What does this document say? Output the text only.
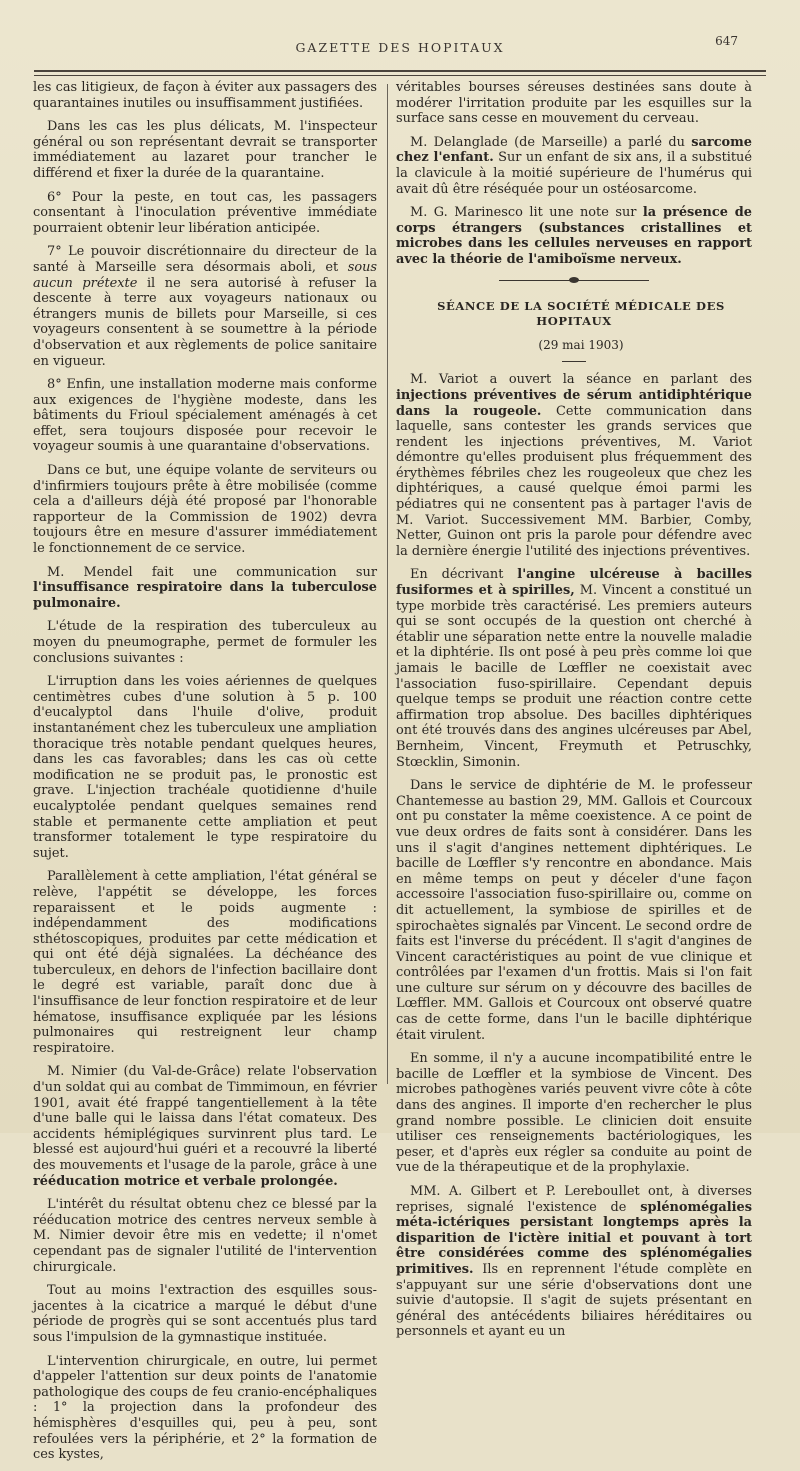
GAZETTE DES HOPITAUX	647

les cas litigieux, de façon à éviter aux passagers des quarantaines inutiles ou insuffisamment justifiées.

Dans les cas les plus délicats, M. l'inspecteur général ou son représentant devrait se transporter immédiatement au lazaret pour trancher le différend et fixer la durée de la quarantaine.

6° Pour la peste, en tout cas, les passagers consentant à l'inoculation préventive immédiate pourraient obtenir leur libération anticipée.

7° Le pouvoir discrétionnaire du directeur de la santé à Marseille sera désormais aboli, et sous aucun prétexte il ne sera autorisé à refuser la descente à terre aux voyageurs nationaux ou étrangers munis de billets pour Marseille, si ces voyageurs consentent à se soumettre à la période d'observation et aux règlements de police sanitaire en vigueur.

8° Enfin, une installation moderne mais conforme aux exigences de l'hygiène modeste, dans les bâtiments du Frioul spécialement aménagés à cet effet, sera toujours disposée pour recevoir le voyageur soumis à une quarantaine d'observations.

Dans ce but, une équipe volante de serviteurs ou d'infirmiers toujours prête à être mobilisée (comme cela a d'ailleurs déjà été proposé par l'honorable rapporteur de la Commission de 1902) devra toujours être en mesure d'assurer immédiatement le fonctionnement de ce service.

M. Mendel fait une communication sur l'insuffisance respiratoire dans la tuberculose pulmonaire.

L'étude de la respiration des tuberculeux au moyen du pneumographe, permet de formuler les conclusions suivantes :

L'irruption dans les voies aériennes de quelques centimètres cubes d'une solution à 5 p. 100 d'eucalyptol dans l'huile d'olive, produit instantanément chez les tuberculeux une ampliation thoracique très notable pendant quelques heures, dans les cas favorables; dans les cas où cette modification ne se produit pas, le pronostic est grave. L'injection trachéale quotidienne d'huile eucalyptolée pendant quelques semaines rend stable et permanente cette ampliation et peut transformer totalement le type respiratoire du sujet.

Parallèlement à cette ampliation, l'état général se relève, l'appétit se développe, les forces reparaissent et le poids augmente : indépendamment des modifications sthétoscopiques, produites par cette médication et qui ont été déjà signalées. La déchéance des tuberculeux, en dehors de l'infection bacillaire dont le degré est variable, paraît donc due à l'insuffisance de leur fonction respiratoire et de leur hématose, insuffisance expliquée par les lésions pulmonaires qui restreignent leur champ respiratoire.

M. Nimier (du Val-de-Grâce) relate l'observation d'un soldat qui au combat de Timmimoun, en février 1901, avait été frappé tangentiellement à la tête d'une balle qui le laissa dans l'état comateux. Des accidents hémiplégiques survinrent plus tard. Le blessé est aujourd'hui guéri et a recouvré la liberté des mouvements et l'usage de la parole, grâce à une rééducation motrice et verbale prolongée.

L'intérêt du résultat obtenu chez ce blessé par la rééducation motrice des centres nerveux semble à M. Nimier devoir être mis en vedette; il n'omet cependant pas de signaler l'utilité de l'intervention chirurgicale.

Tout au moins l'extraction des esquilles sous-jacentes à la cicatrice a marqué le début d'une période de progrès qui se sont accentués plus tard sous l'impulsion de la gymnastique instituée.

L'intervention chirurgicale, en outre, lui permet d'appeler l'attention sur deux points de l'anatomie pathologique des coups de feu cranio-encéphaliques : 1° la projection dans la profondeur des hémisphères d'esquilles qui, peu à peu, sont refoulées vers la périphérie, et 2° la formation de ces kystes,

véritables bourses séreuses destinées sans doute à modérer l'irritation produite par les esquilles sur la surface sans cesse en mouvement du cerveau.

M. Delanglade (de Marseille) a parlé du sarcome chez l'enfant. Sur un enfant de six ans, il a substitué la clavicule à la moitié supérieure de l'humérus qui avait dû être réséquée pour un ostéosarcome.

M. G. Marinesco lit une note sur la présence de corps étrangers (substances cristallines et microbes dans les cellules nerveuses en rapport avec la théorie de l'amiboïsme nerveux.

SÉANCE DE LA SOCIÉTÉ MÉDICALE DES HOPITAUX

(29 mai 1903)

M. Variot a ouvert la séance en parlant des injections préventives de sérum antidiphtérique dans la rougeole. Cette communication dans laquelle, sans contester les grands services que rendent les injections préventives, M. Variot démontre qu'elles produisent plus fréquemment des érythèmes fébriles chez les rougeoleux que chez les diphtériques, a causé quelque émoi parmi les pédiatres qui ne consentent pas à partager l'avis de M. Variot. Successivement MM. Barbier, Comby, Netter, Guinon ont pris la parole pour défendre avec la dernière énergie l'utilité des injections préventives.

En décrivant l'angine ulcéreuse à bacilles fusiformes et à spirilles, M. Vincent a constitué un type morbide très caractérisé. Les premiers auteurs qui se sont occupés de la question ont cherché à établir une séparation nette entre la nouvelle maladie et la diphtérie. Ils ont posé à peu près comme loi que jamais le bacille de Lœffler ne coexistait avec l'association fuso-spirillaire. Cependant depuis quelque temps se produit une réaction contre cette affirmation trop absolue. Des bacilles diphtériques ont été trouvés dans des angines ulcéreuses par Abel, Bernheim, Vincent, Freymuth et Petruschky, Stœcklin, Simonin.

Dans le service de diphtérie de M. le professeur Chantemesse au bastion 29, MM. Gallois et Courcoux ont pu constater la même coexistence. A ce point de vue deux ordres de faits sont à considérer. Dans les uns il s'agit d'angines nettement diphtériques. Le bacille de Lœffler s'y rencontre en abondance. Mais en même temps on peut y déceler d'une façon accessoire l'association fuso-spirillaire ou, comme on dit actuellement, la symbiose de spirilles et de spirochaètes signalés par Vincent. Le second ordre de faits est l'inverse du précédent. Il s'agit d'angines de Vincent caractéristiques au point de vue clinique et contrôlées par l'examen d'un frottis. Mais si l'on fait une culture sur sérum on y découvre des bacilles de Lœffler. MM. Gallois et Courcoux ont observé quatre cas de cette forme, dans l'un le bacille diphtérique était virulent.

En somme, il n'y a aucune incompatibilité entre le bacille de Lœffler et la symbiose de Vincent. Des microbes pathogènes variés peuvent vivre côte à côte dans des angines. Il importe d'en rechercher le plus grand nombre possible. Le clinicien doit ensuite utiliser ces renseignements bactériologiques, les peser, et d'après eux régler sa conduite au point de vue de la thérapeutique et de la prophylaxie.

MM. A. Gilbert et P. Lereboullet ont, à diverses reprises, signalé l'existence de splénomégalies méta-ictériques persistant longtemps après la disparition de l'ictère initial et pouvant à tort être considérées comme des splénomégalies primitives. Ils en reprennent l'étude complète en s'appuyant sur une série d'observations dont une suivie d'autopsie. Il s'agit de sujets présentant en général des antécédents biliaires héréditaires ou personnels et ayant eu un
